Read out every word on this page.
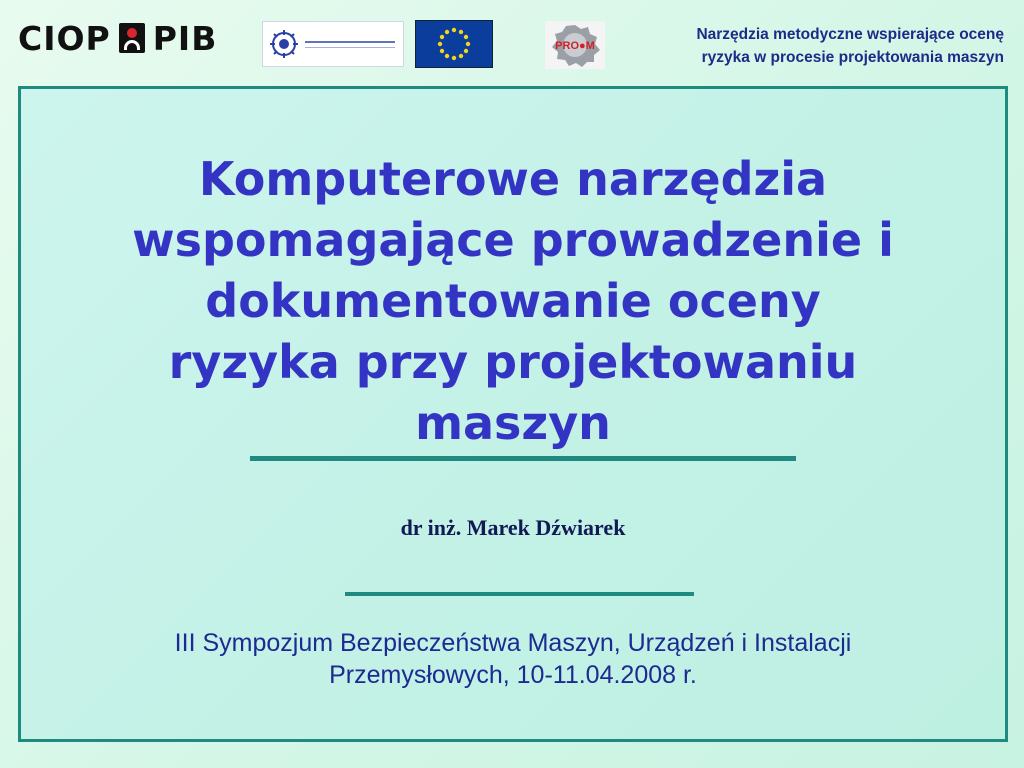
CIOP PIB	PRO●M
Narzędzia metodyczne wspierające ocenę
ryzyka w procesie projektowania maszyn
Komputerowe narzędzia
wspomagające prowadzenie i
dokumentowanie oceny
ryzyka przy projektowaniu
maszyn
dr inż. Marek Dźwiarek
III Sympozjum Bezpieczeństwa Maszyn, Urządzeń i Instalacji
Przemysłowych, 10-11.04.2008 r.
